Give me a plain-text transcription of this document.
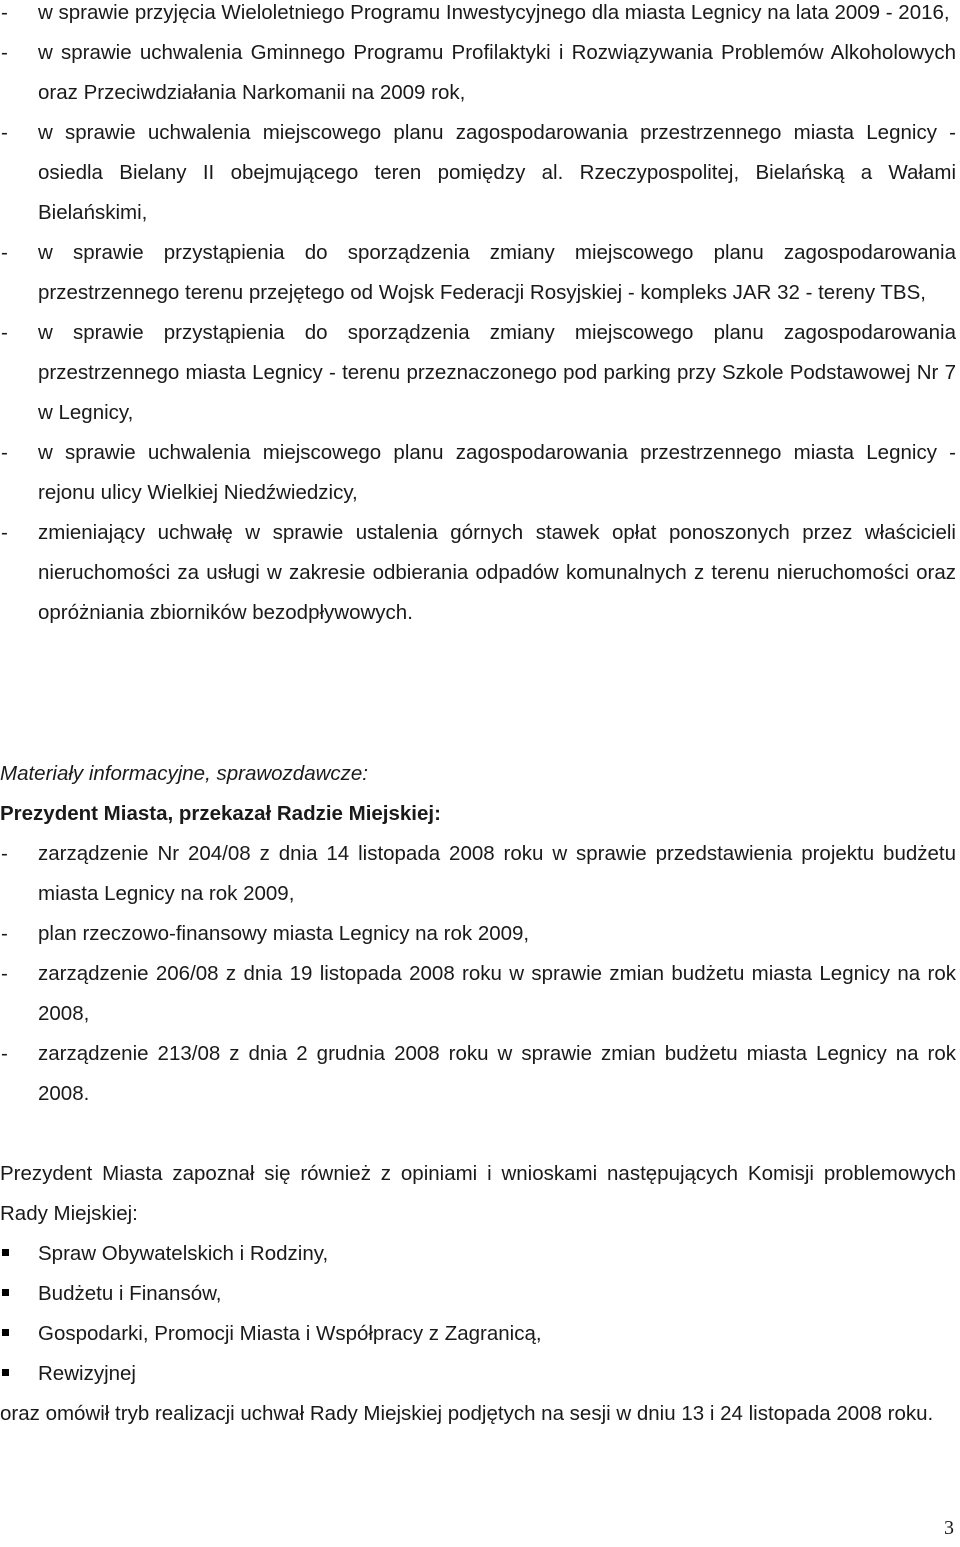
- w sprawie przyjęcia Wieloletniego Programu Inwestycyjnego dla miasta Legnicy na lata 2009 - 2016,
- w sprawie uchwalenia Gminnego Programu Profilaktyki i Rozwiązywania Problemów Alkoholowych oraz Przeciwdziałania Narkomanii na 2009 rok,
- w sprawie uchwalenia miejscowego planu zagospodarowania przestrzennego miasta Legnicy - osiedla Bielany II obejmującego teren pomiędzy al. Rzeczypospolitej, Bielańską a Wałami Bielańskimi,
- w sprawie przystąpienia do sporządzenia zmiany miejscowego planu zagospodarowania przestrzennego terenu przejętego od Wojsk Federacji Rosyjskiej - kompleks JAR 32 - tereny TBS,
- w sprawie przystąpienia do sporządzenia zmiany miejscowego planu zagospodarowania przestrzennego miasta Legnicy - terenu przeznaczonego pod parking przy Szkole Podstawowej Nr 7 w Legnicy,
- w sprawie uchwalenia miejscowego planu zagospodarowania przestrzennego miasta Legnicy - rejonu ulicy Wielkiej Niedźwiedzicy,
- zmieniający uchwałę w sprawie ustalenia górnych stawek opłat ponoszonych przez właścicieli nieruchomości za usługi w zakresie odbierania odpadów komunalnych z terenu nieruchomości oraz opróżniania zbiorników bezodpływowych.

Materiały informacyjne, sprawozdawcze:

Prezydent Miasta, przekazał Radzie Miejskiej:

- zarządzenie Nr 204/08 z dnia 14 listopada 2008 roku w sprawie przedstawienia projektu budżetu miasta Legnicy na rok 2009,
- plan rzeczowo-finansowy miasta Legnicy na rok 2009,
- zarządzenie 206/08 z dnia 19 listopada 2008 roku w sprawie zmian budżetu miasta Legnicy na rok 2008,
- zarządzenie 213/08 z dnia 2 grudnia 2008 roku w sprawie zmian budżetu miasta Legnicy na rok 2008.

Prezydent Miasta zapoznał się również z opiniami i wnioskami następujących Komisji problemowych Rady Miejskiej:

Spraw Obywatelskich i Rodziny,
Budżetu i Finansów,
Gospodarki, Promocji Miasta i Współpracy z Zagranicą,
Rewizyjnej

oraz omówił tryb realizacji uchwał Rady Miejskiej podjętych na sesji w dniu 13 i 24 listopada 2008 roku.

3
